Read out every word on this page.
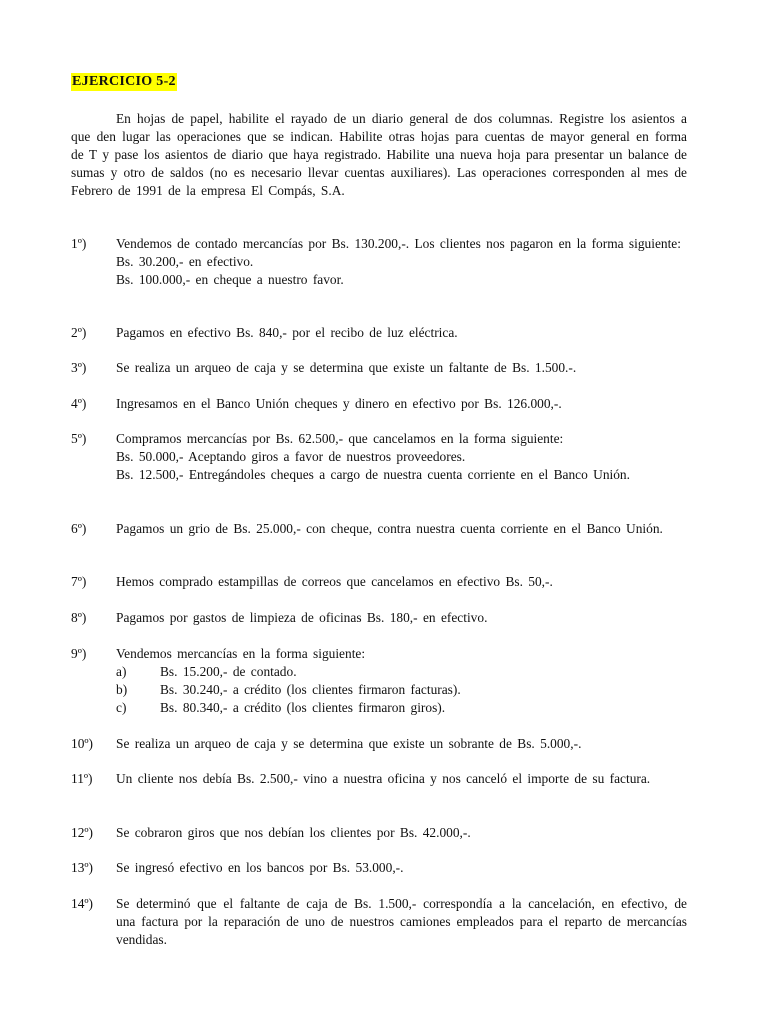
EJERCICIO 5-2

En hojas de papel, habilite el rayado de un diario general de dos columnas. Registre los asientos a que den lugar las operaciones que se indican. Habilite otras hojas para cuentas de mayor general en forma de T y pase los asientos de diario que haya registrado. Habilite una nueva hoja para presentar un balance de sumas y otro de saldos (no es necesario llevar cuentas auxiliares). Las operaciones corresponden al mes de Febrero de 1991 de la empresa El Compás, S.A.

1º)	Vendemos de contado mercancías por Bs. 130.200,-. Los clientes nos pagaron en la forma siguiente:
Bs. 30.200,- en efectivo.
Bs. 100.000,- en cheque a nuestro favor.
2º)	Pagamos en efectivo Bs. 840,- por el recibo de luz eléctrica.
3º)	Se realiza un arqueo de caja y se determina que existe un faltante de Bs. 1.500.-.
4º)	Ingresamos en el Banco Unión cheques y dinero en efectivo por Bs. 126.000,-.
5º)	Compramos mercancías por Bs. 62.500,- que cancelamos en la forma siguiente:
Bs. 50.000,- Aceptando giros a favor de nuestros proveedores.
Bs. 12.500,- Entregándoles cheques a cargo de nuestra cuenta corriente en el Banco Unión.
6º)	Pagamos un grio de Bs. 25.000,- con cheque, contra nuestra cuenta corriente en el Banco Unión.
7º)	Hemos comprado estampillas de correos que cancelamos en efectivo Bs. 50,-.
8º)	Pagamos por gastos de limpieza de oficinas Bs. 180,- en efectivo.
9º)	Vendemos mercancías en la forma siguiente:
a)	Bs. 15.200,- de contado.
b)	Bs. 30.240,- a crédito (los clientes firmaron facturas).
c)	Bs. 80.340,- a crédito (los clientes firmaron giros).
10º)	Se realiza un arqueo de caja y se determina que existe un sobrante de Bs. 5.000,-.
11º)	Un cliente nos debía Bs. 2.500,- vino a nuestra oficina y nos canceló el importe de su factura.
12º)	Se cobraron giros que nos debían los clientes por Bs. 42.000,-.
13º)	Se ingresó efectivo en los bancos por Bs. 53.000,-.
14º)	Se determinó que el faltante de caja de Bs. 1.500,- correspondía a la cancelación, en efectivo, de una factura por la reparación de uno de nuestros camiones empleados para el reparto de mercancías vendidas.
